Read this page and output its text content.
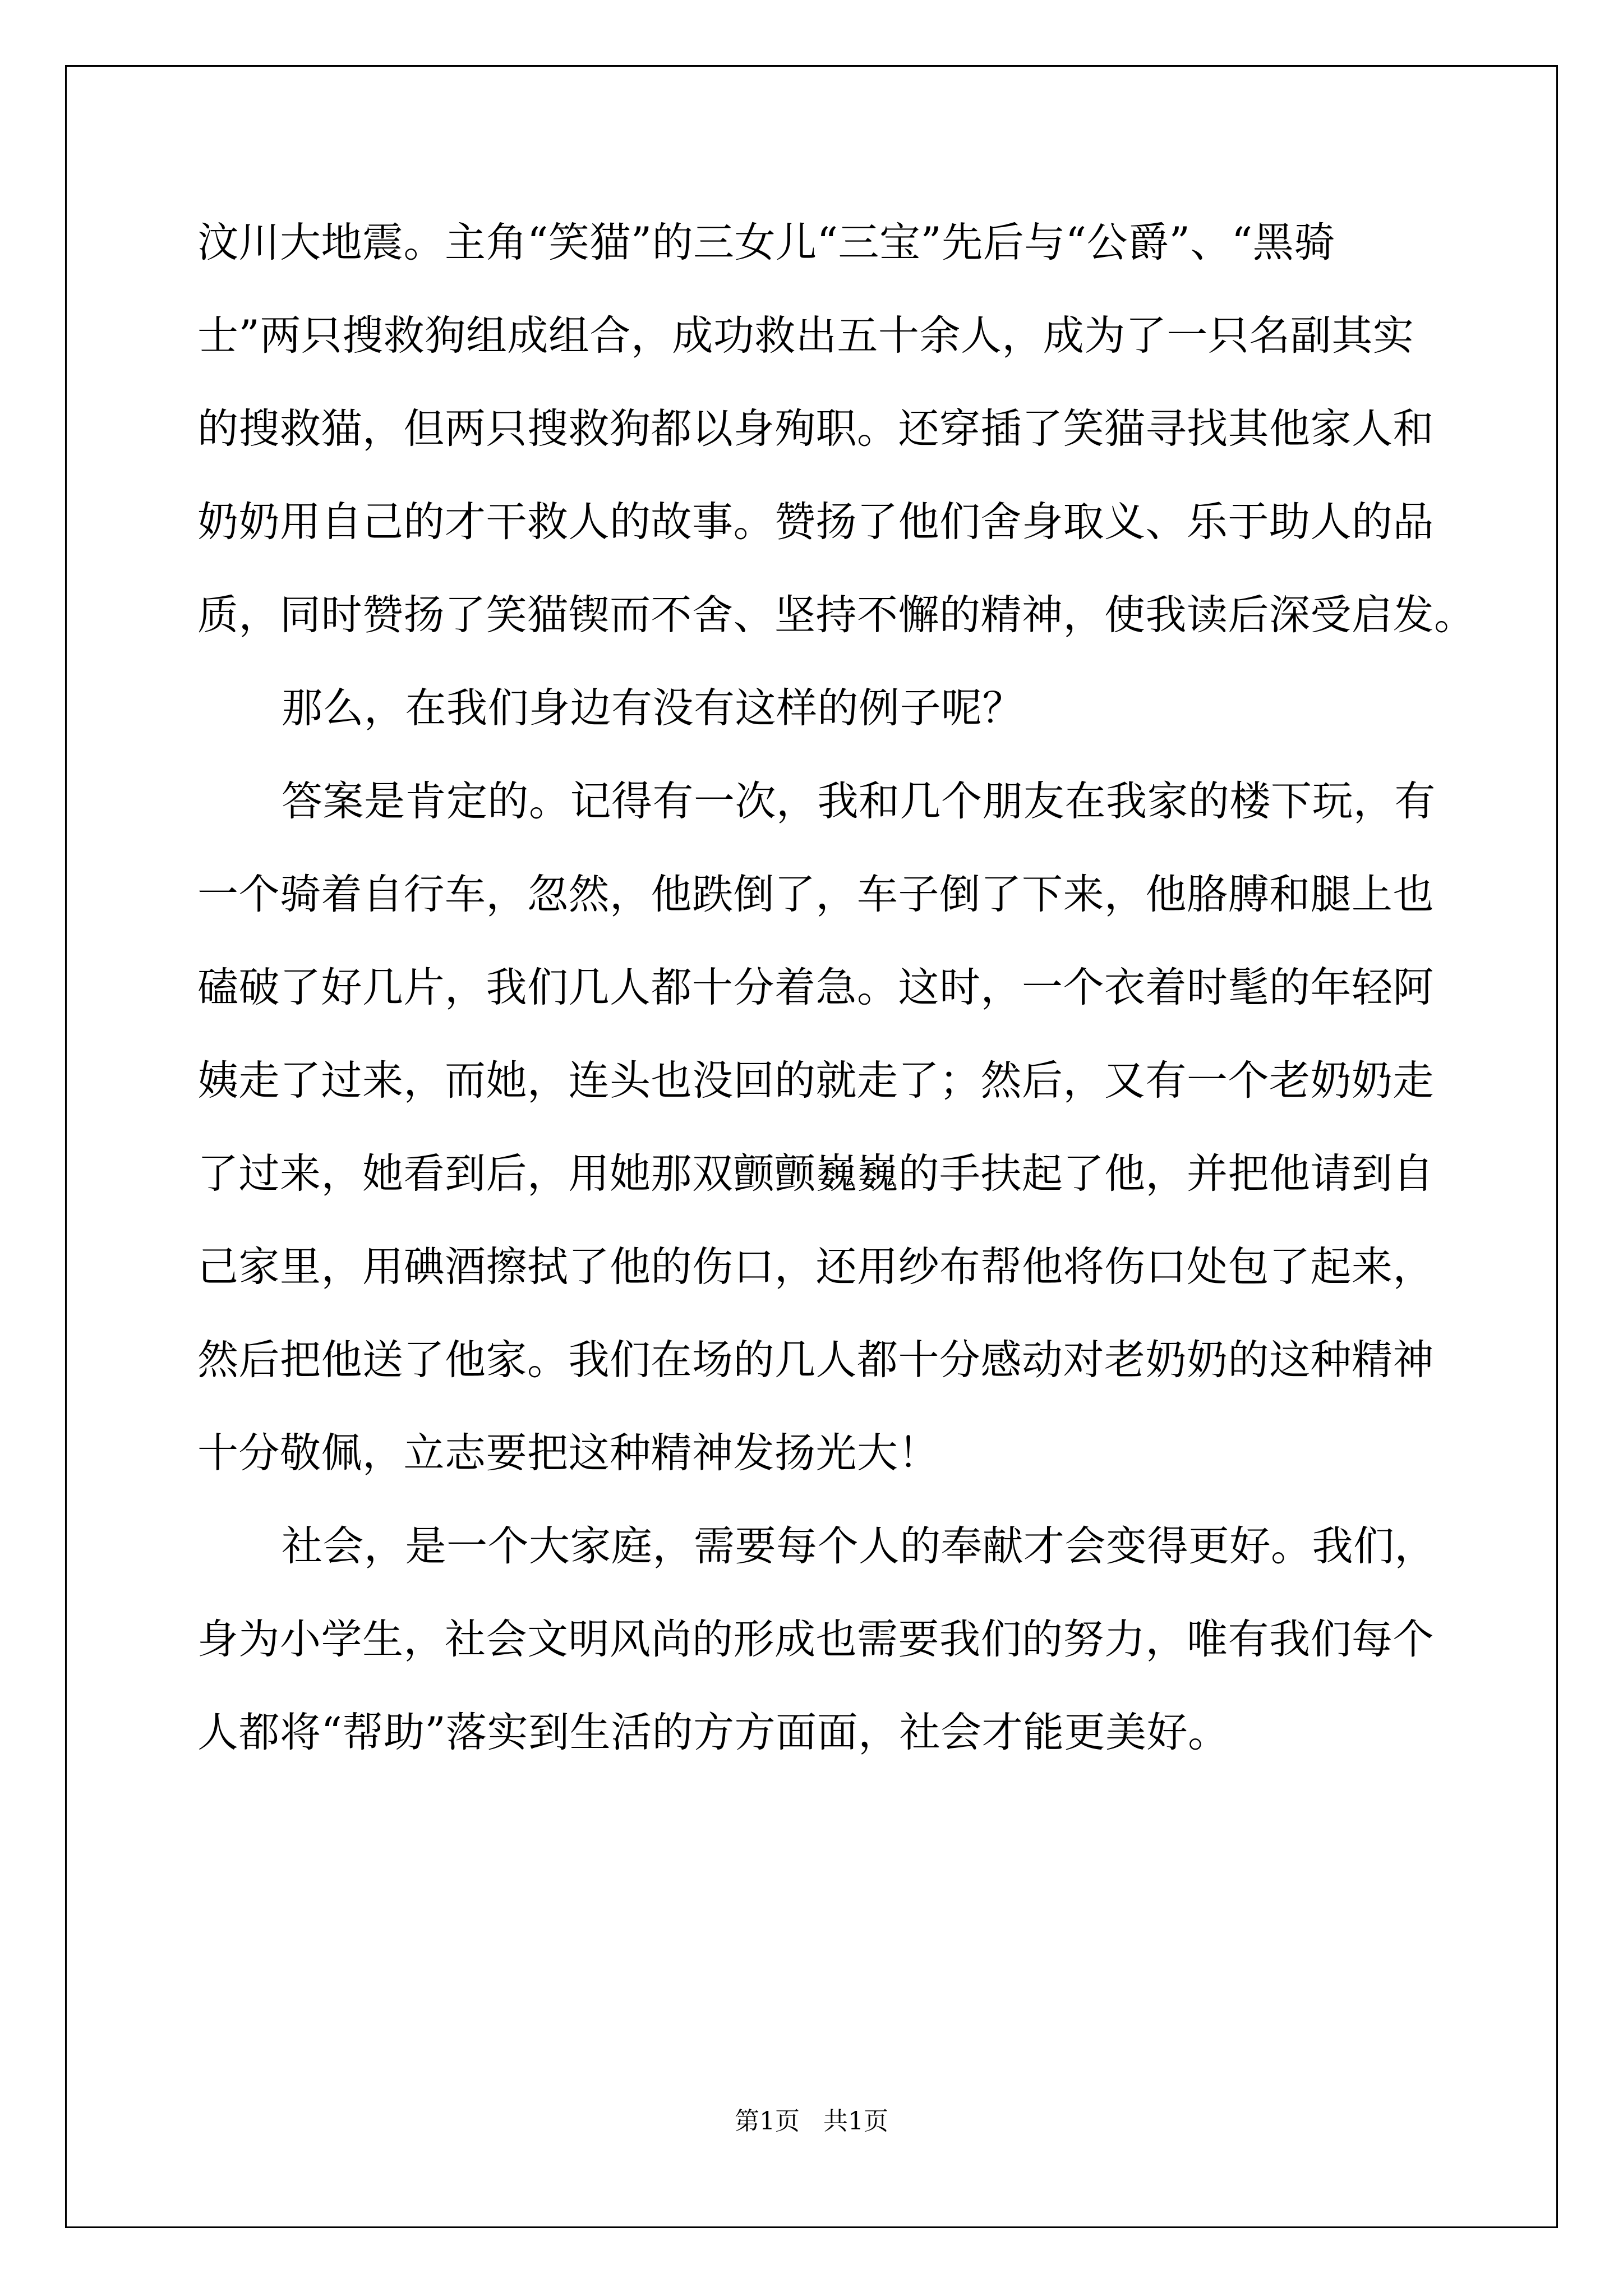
汶川大地震。主角“笑猫”的三女儿“三宝”先后与“公爵”、“黑骑
士”两只搜救狗组成组合，成功救出五十余人，成为了一只名副其实
的搜救猫，但两只搜救狗都以身殉职。还穿插了笑猫寻找其他家人和
奶奶用自己的才干救人的故事。赞扬了他们舍身取义、乐于助人的品
质，同时赞扬了笑猫锲而不舍、坚持不懈的精神，使我读后深受启发。
那么，在我们身边有没有这样的例子呢？
答案是肯定的。记得有一次，我和几个朋友在我家的楼下玩，有
一个骑着自行车，忽然，他跌倒了，车子倒了下来，他胳膊和腿上也
磕破了好几片，我们几人都十分着急。这时，一个衣着时髦的年轻阿
姨走了过来，而她，连头也没回的就走了；然后，又有一个老奶奶走
了过来，她看到后，用她那双颤颤巍巍的手扶起了他，并把他请到自
己家里，用碘酒擦拭了他的伤口，还用纱布帮他将伤口处包了起来，
然后把他送了他家。我们在场的几人都十分感动对老奶奶的这种精神
十分敬佩，立志要把这种精神发扬光大！
社会，是一个大家庭，需要每个人的奉献才会变得更好。我们，
身为小学生，社会文明风尚的形成也需要我们的努力，唯有我们每个
人都将“帮助”落实到生活的方方面面，社会才能更美好。
第1页   共1页
